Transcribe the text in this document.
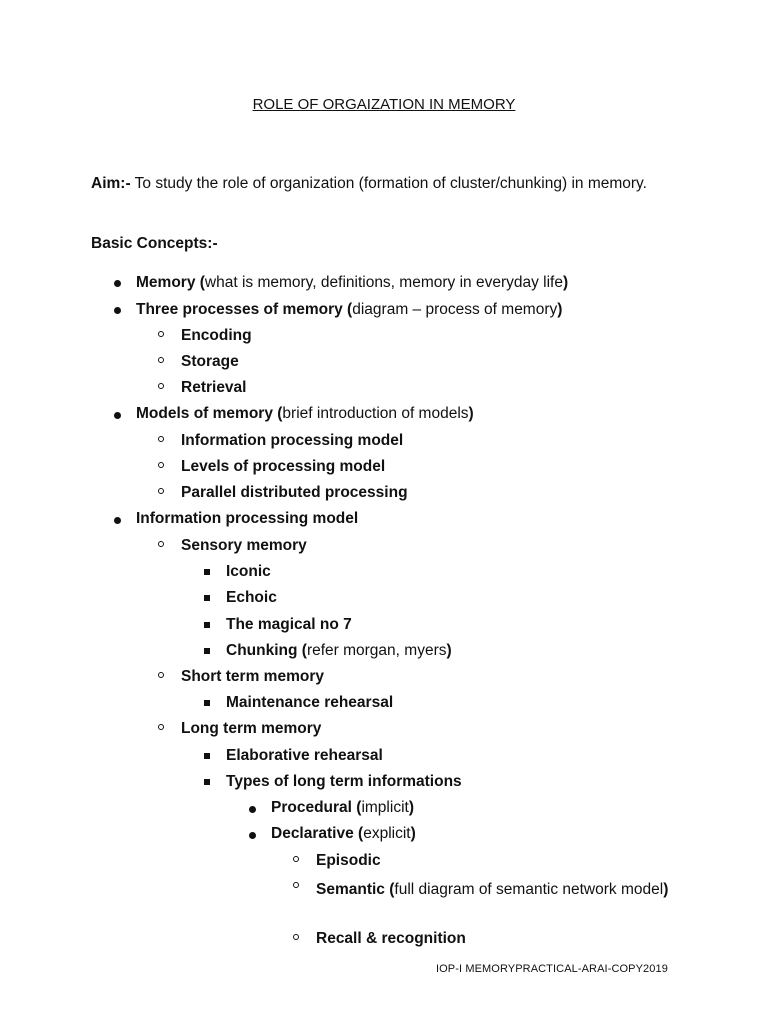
ROLE OF ORGAIZATION IN MEMORY
Aim:- To study the role of organization (formation of cluster/chunking) in memory.
Basic Concepts:-
Memory (what is memory, definitions, memory in everyday life)
Three processes of memory (diagram – process of memory)
Encoding
Storage
Retrieval
Models of memory (brief introduction of models)
Information processing model
Levels of processing model
Parallel distributed processing
Information processing model
Sensory memory
Iconic
Echoic
The magical no 7
Chunking (refer morgan, myers)
Short term memory
Maintenance rehearsal
Long term memory
Elaborative rehearsal
Types of long term informations
Procedural (implicit)
Declarative (explicit)
Episodic
Semantic (full diagram of semantic network model)
Recall & recognition
IOP-I MEMORYPRACTICAL-ARAI-COPY2019
